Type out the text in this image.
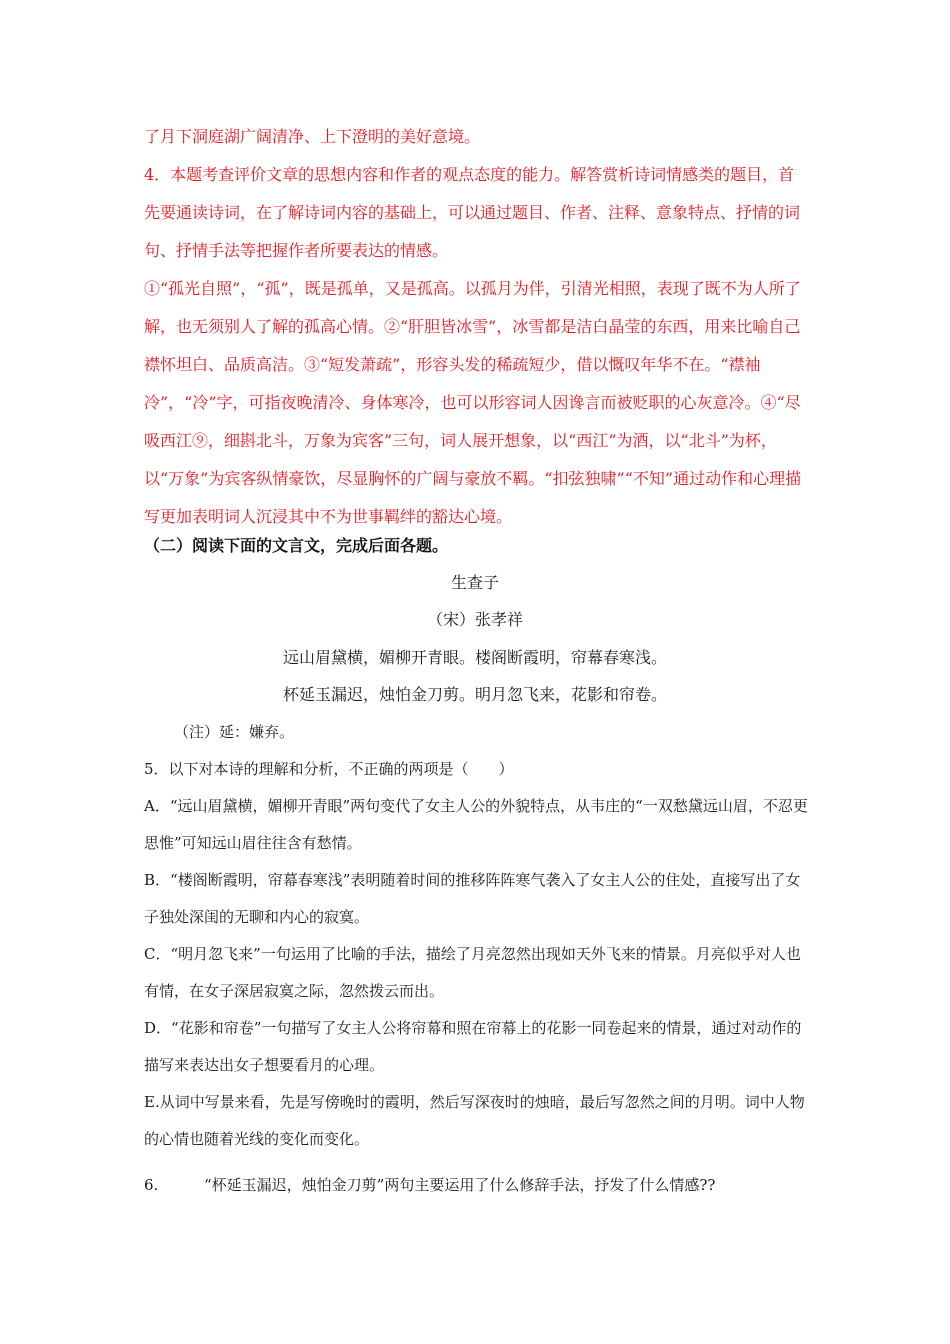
了月下洞庭湖广阔清净、上下澄明的美好意境。

4．本题考查评价文章的思想内容和作者的观点态度的能力。解答赏析诗词情感类的题目，首先要通读诗词，在了解诗词内容的基础上，可以通过题目、作者、注释、意象特点、抒情的词句、抒情手法等把握作者所要表达的情感。

①“孤光自照”，“孤”，既是孤单，又是孤高。以孤月为伴，引清光相照，表现了既不为人所了解，也无须别人了解的孤高心情。②“肝胆皆冰雪”，冰雪都是洁白晶莹的东西，用来比喻自己襟怀坦白、品质高洁。③“短发萧疏”，形容头发的稀疏短少，借以慨叹年华不在。“襟袖冷”，“冷”字，可指夜晚清冷、身体寒冷，也可以形容词人因谗言而被贬职的心灰意冷。④“尽吸西江⑨，细斟北斗，万象为宾客”三句，词人展开想象，以“西江”为酒，以“北斗”为杯，以“万象”为宾客纵情豪饮，尽显胸怀的广阔与豪放不羁。“扣弦独啸”“不知”通过动作和心理描写更加表明词人沉浸其中不为世事羁绊的豁达心境。

（二）阅读下面的文言文，完成后面各题。

生查子

（宋）张孝祥

远山眉黛横，媚柳开青眼。楼阁断霞明，帘幕春寒浅。

杯延玉漏迟，烛怕金刀剪。明月忽飞来，花影和帘卷。

（注）延：嫌弃。

5．以下对本诗的理解和分析，不正确的两项是（　　）

A．“远山眉黛横，媚柳开青眼”两句变代了女主人公的外貌特点，从韦庄的“一双愁黛远山眉，不忍更思惟”可知远山眉往往含有愁情。

B．“楼阁断霞明，帘幕春寒浅”表明随着时间的推移阵阵寒气袭入了女主人公的住处，直接写出了女子独处深闺的无聊和内心的寂寞。

C．“明月忽飞来”一句运用了比喻的手法，描绘了月亮忽然出现如天外飞来的情景。月亮似乎对人也有情，在女子深居寂寞之际，忽然拨云而出。

D．“花影和帘卷”一句描写了女主人公将帘幕和照在帘幕上的花影一同卷起来的情景，通过对动作的描写来表达出女子想要看月的心理。

E.从词中写景来看，先是写傍晚时的霞明，然后写深夜时的烛暗，最后写忽然之间的月明。词中人物的心情也随着光线的变化而变化。

6.	“杯延玉漏迟，烛怕金刀剪”两句主要运用了什么修辞手法，抒发了什么情感??
